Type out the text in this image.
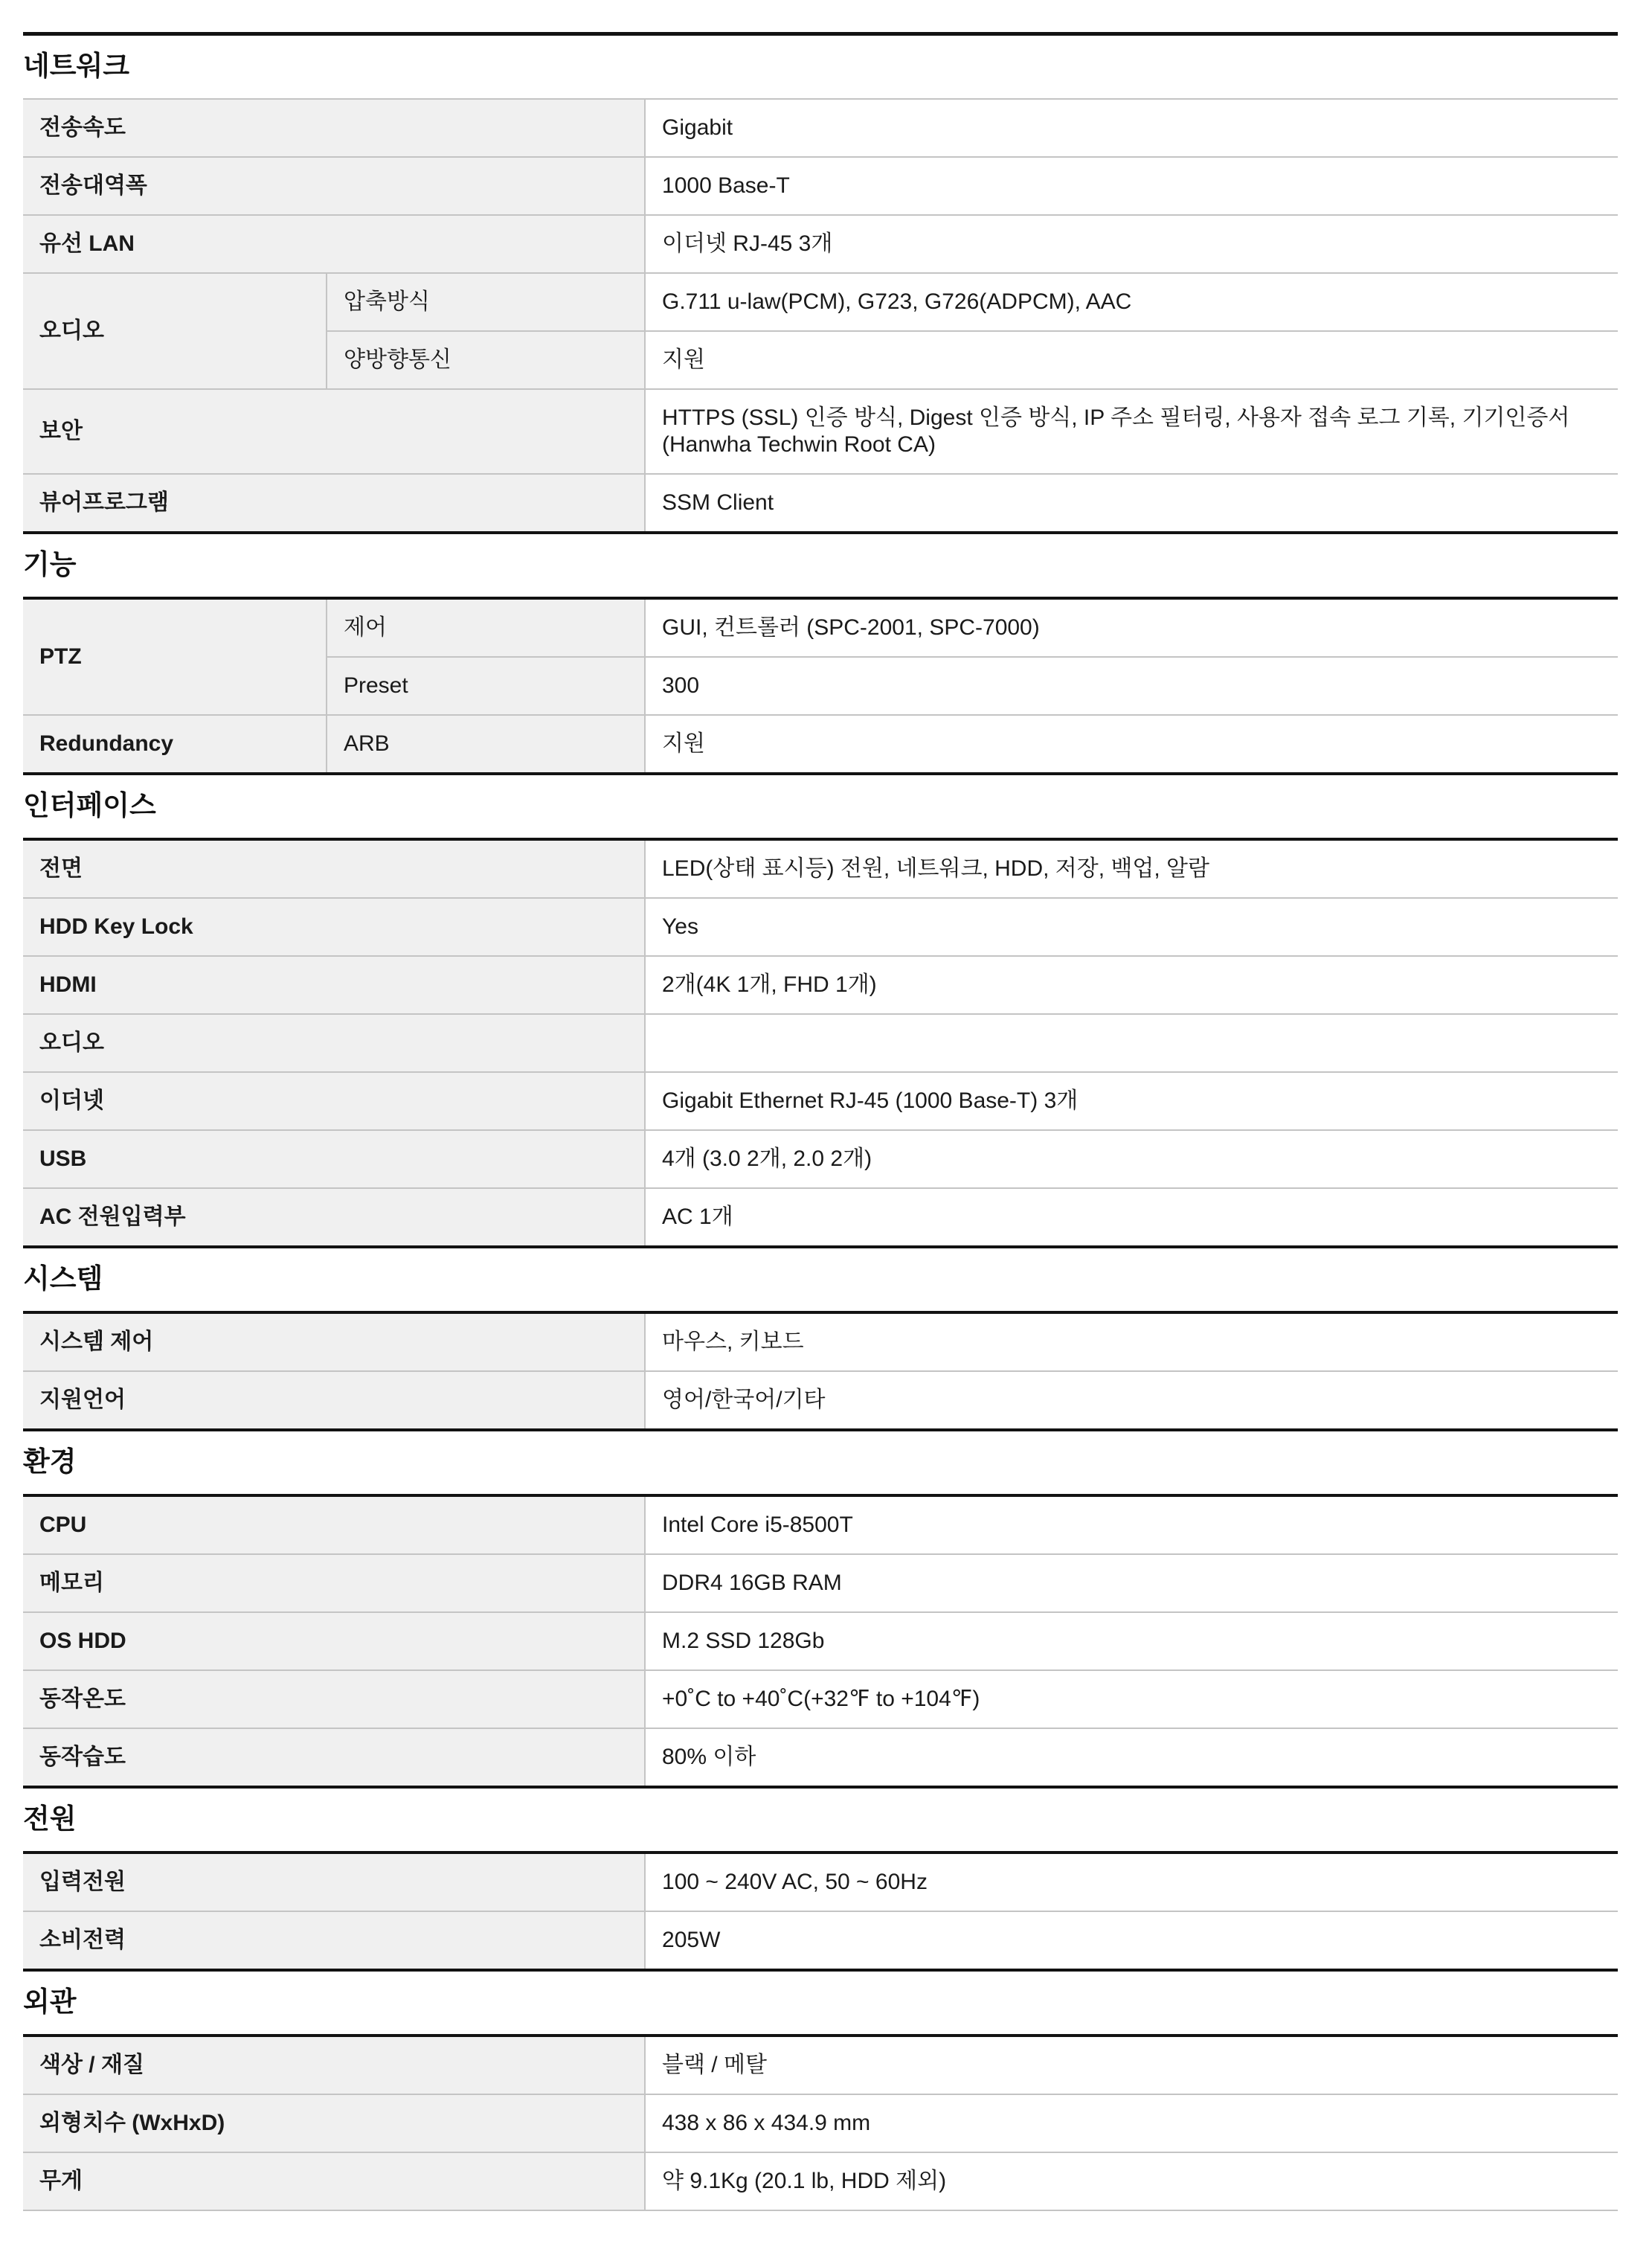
네트워크
전송속도		Gigabit
전송대역폭		1000 Base-T
유선 LAN		이더넷 RJ-45 3개
오디오	압축방식	G.711 u-law(PCM), G723, G726(ADPCM), AAC
	양방향통신	지원
보안		HTTPS (SSL) 인증 방식, Digest 인증 방식, IP 주소 필터링, 사용자 접속 로그 기록, 기기인증서
(Hanwha Techwin Root CA)

뷰어프로그램		SSM Client
기능
PTZ	제어	GUI, 컨트롤러 (SPC-2001, SPC-7000)
	Preset	300
Redundancy	ARB	지원
인터페이스
전면	LED(상태 표시등) 전원, 네트워크, HDD, 저장, 백업, 알람
HDD Key Lock	Yes
HDMI	2개(4K 1개, FHD 1개)
오디오	
이더넷	Gigabit Ethernet RJ-45 (1000 Base-T) 3개
USB	4개 (3.0 2개, 2.0 2개)
AC 전원입력부	AC 1개
시스템
시스템 제어	마우스, 키보드
지원언어	영어/한국어/기타
환경
CPU	Intel Core i5-8500T
메모리	DDR4 16GB RAM
OS HDD	M.2 SSD 128Gb
동작온도	+0˚C to +40˚C(+32℉ to +104℉)
동작습도	80% 이하
전원
입력전원	100 ~ 240V AC, 50 ~ 60Hz
소비전력	205W
외관
색상 / 재질	블랙 / 메탈
외형치수 (WxHxD)	438 x 86 x 434.9 mm
무게	약 9.1Kg (20.1 lb, HDD 제외)
